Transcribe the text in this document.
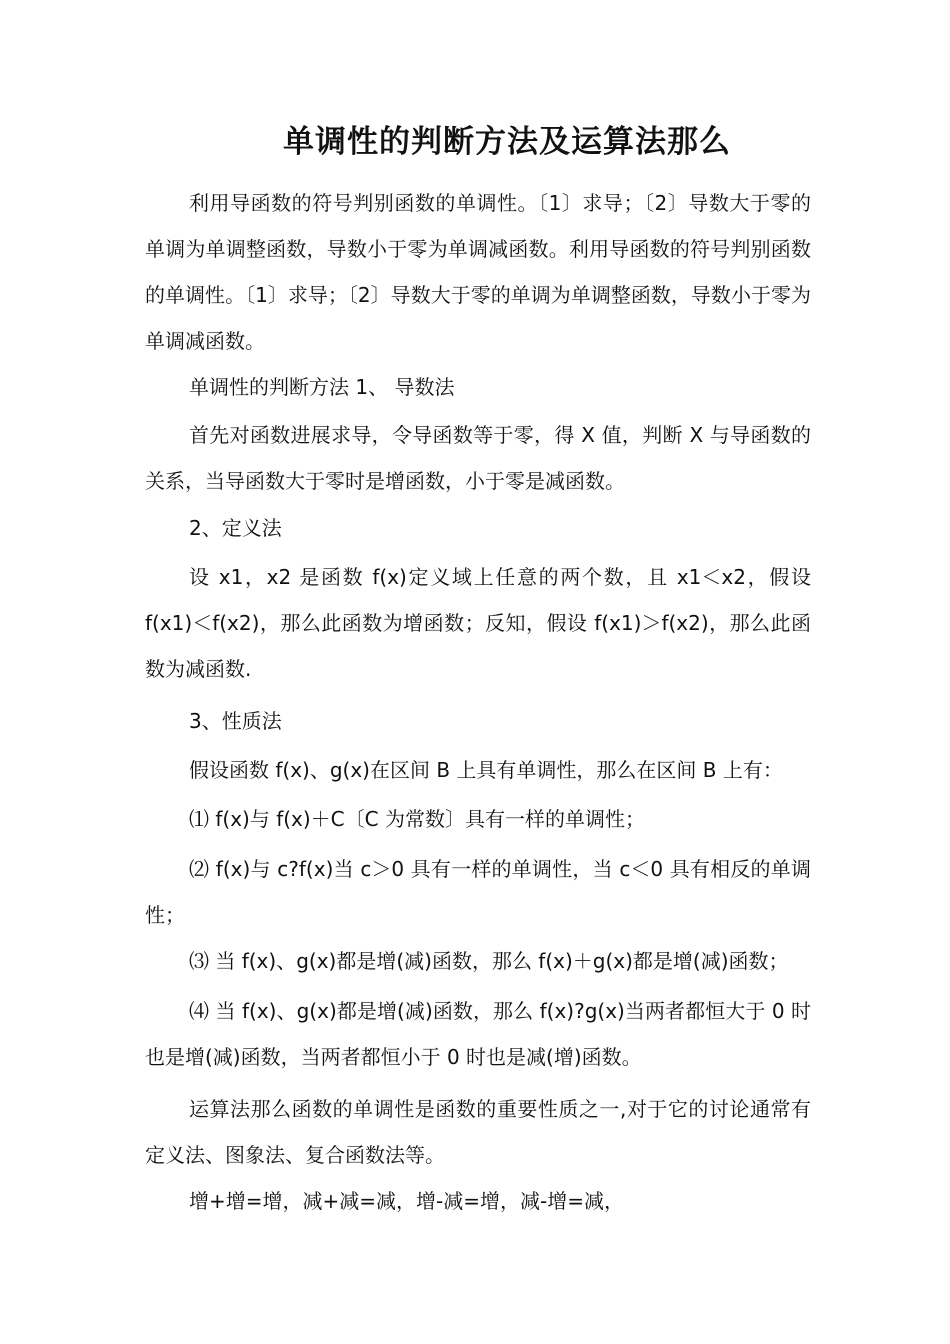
单调性的判断方法及运算法那么

利用导函数的符号判别函数的单调性。〔1〕求导；〔2〕导数大于零的单调为单调整函数，导数小于零为单调减函数。利用导函数的符号判别函数的单调性。〔1〕求导；〔2〕导数大于零的单调为单调整函数，导数小于零为单调减函数。

单调性的判断方法 1、 导数法

首先对函数进展求导，令导函数等于零，得 X 值，判断 X 与导函数的关系，当导函数大于零时是增函数，小于零是减函数。

2、定义法

设 x1，x2 是函数 f(x)定义域上任意的两个数，且 x1＜x2，假设 f(x1)＜f(x2)，那么此函数为增函数；反知，假设 f(x1)＞f(x2)，那么此函数为减函数.

3、性质法

假设函数 f(x)、g(x)在区间 B 上具有单调性，那么在区间 B 上有：

⑴ f(x)与 f(x)＋C〔C 为常数〕具有一样的单调性；

⑵ f(x)与 c?f(x)当 c＞0 具有一样的单调性，当 c＜0 具有相反的单调性；

⑶ 当 f(x)、g(x)都是增(减)函数，那么 f(x)＋g(x)都是增(减)函数；

⑷ 当 f(x)、g(x)都是增(减)函数，那么 f(x)?g(x)当两者都恒大于 0 时也是增(减)函数，当两者都恒小于 0 时也是减(增)函数。

运算法那么函数的单调性是函数的重要性质之一,对于它的讨论通常有定义法、图象法、复合函数法等。

增+增=增，减+减=减，增-减=增，减-增=减，
